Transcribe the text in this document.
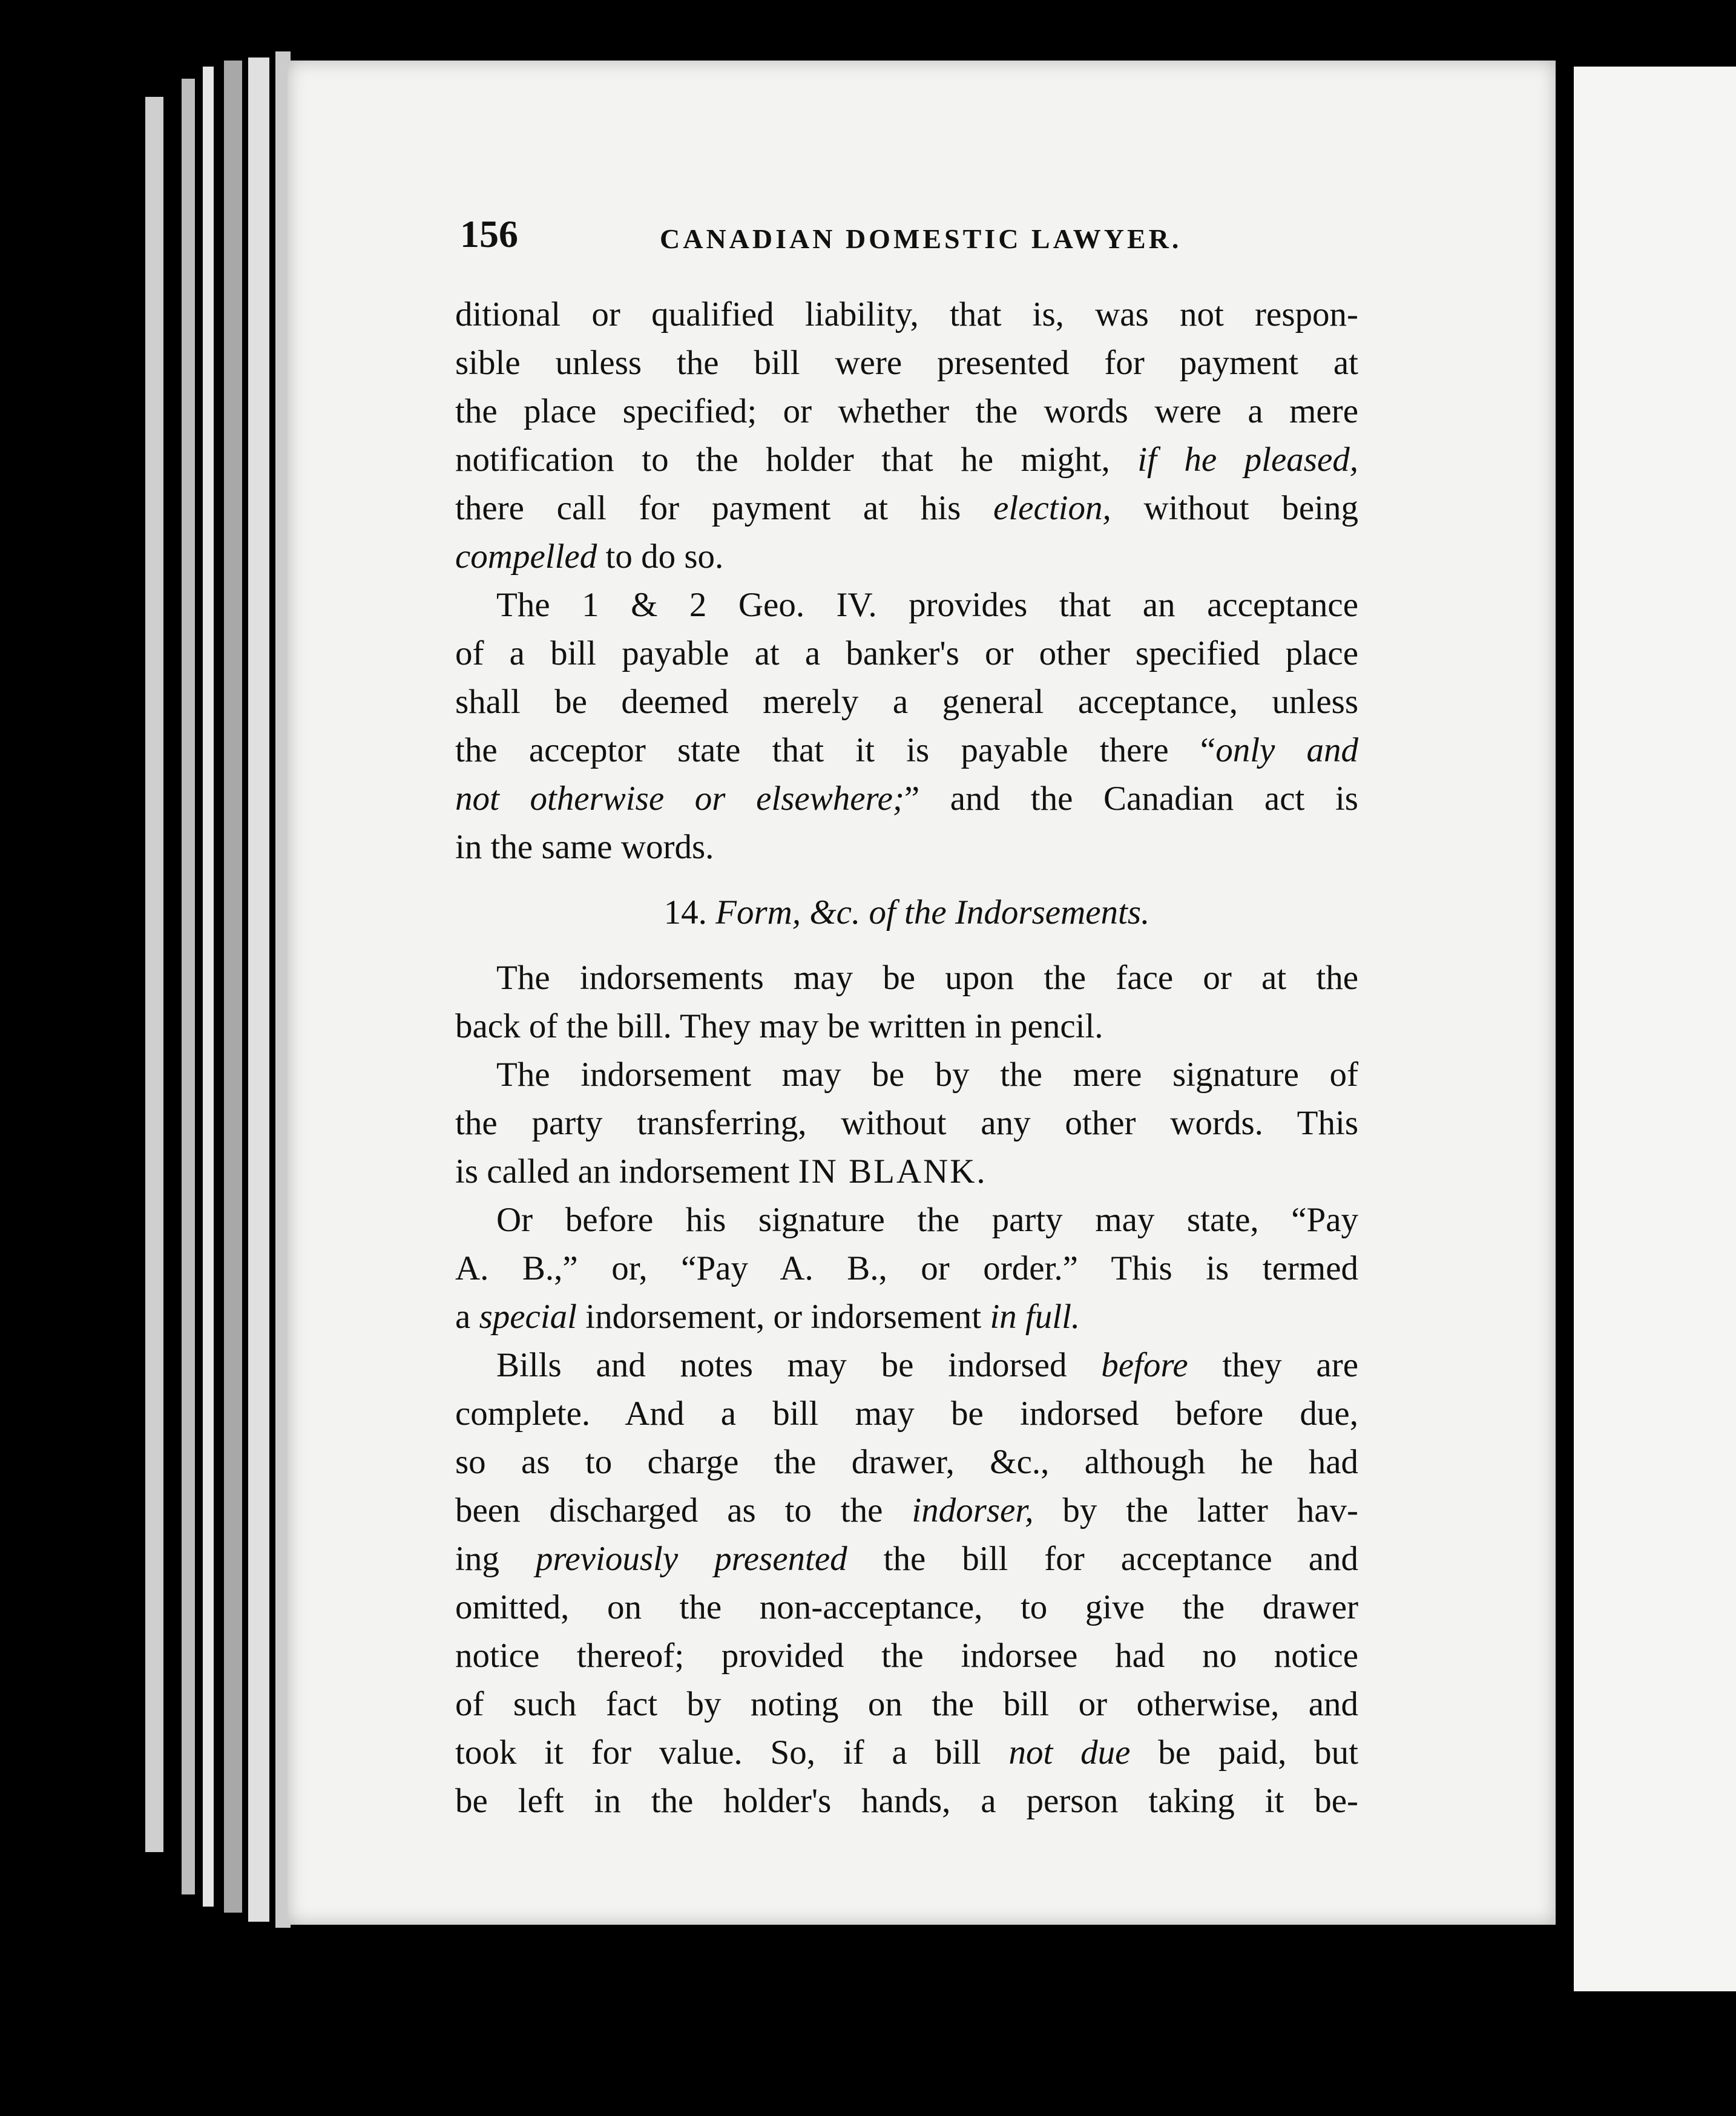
156	CANADIAN DOMESTIC LAWYER.
ditional or qualified liability, that is, was not respon-
sible unless the bill were presented for payment at
the place specified; or whether the words were a mere
notification to the holder that he might, if he pleased,
there call for payment at his election, without being
compelled to do so.
The 1 & 2 Geo. IV. provides that an acceptance
of a bill payable at a banker's or other specified place
shall be deemed merely a general acceptance, unless
the acceptor state that it is payable there “only and
not otherwise or elsewhere;” and the Canadian act is
in the same words.
14. Form, &c. of the Indorsements.
The indorsements may be upon the face or at the
back of the bill. They may be written in pencil.
The indorsement may be by the mere signature of
the party transferring, without any other words. This
is called an indorsement IN BLANK.
Or before his signature the party may state, “Pay
A. B.,” or, “Pay A. B., or order.” This is termed
a special indorsement, or indorsement in full.
Bills and notes may be indorsed before they are
complete. And a bill may be indorsed before due,
so as to charge the drawer, &c., although he had
been discharged as to the indorser, by the latter hav-
ing previously presented the bill for acceptance and
omitted, on the non-acceptance, to give the drawer
notice thereof; provided the indorsee had no notice
of such fact by noting on the bill or otherwise, and
took it for value. So, if a bill not due be paid, but
be left in the holder's hands, a person taking it be-
